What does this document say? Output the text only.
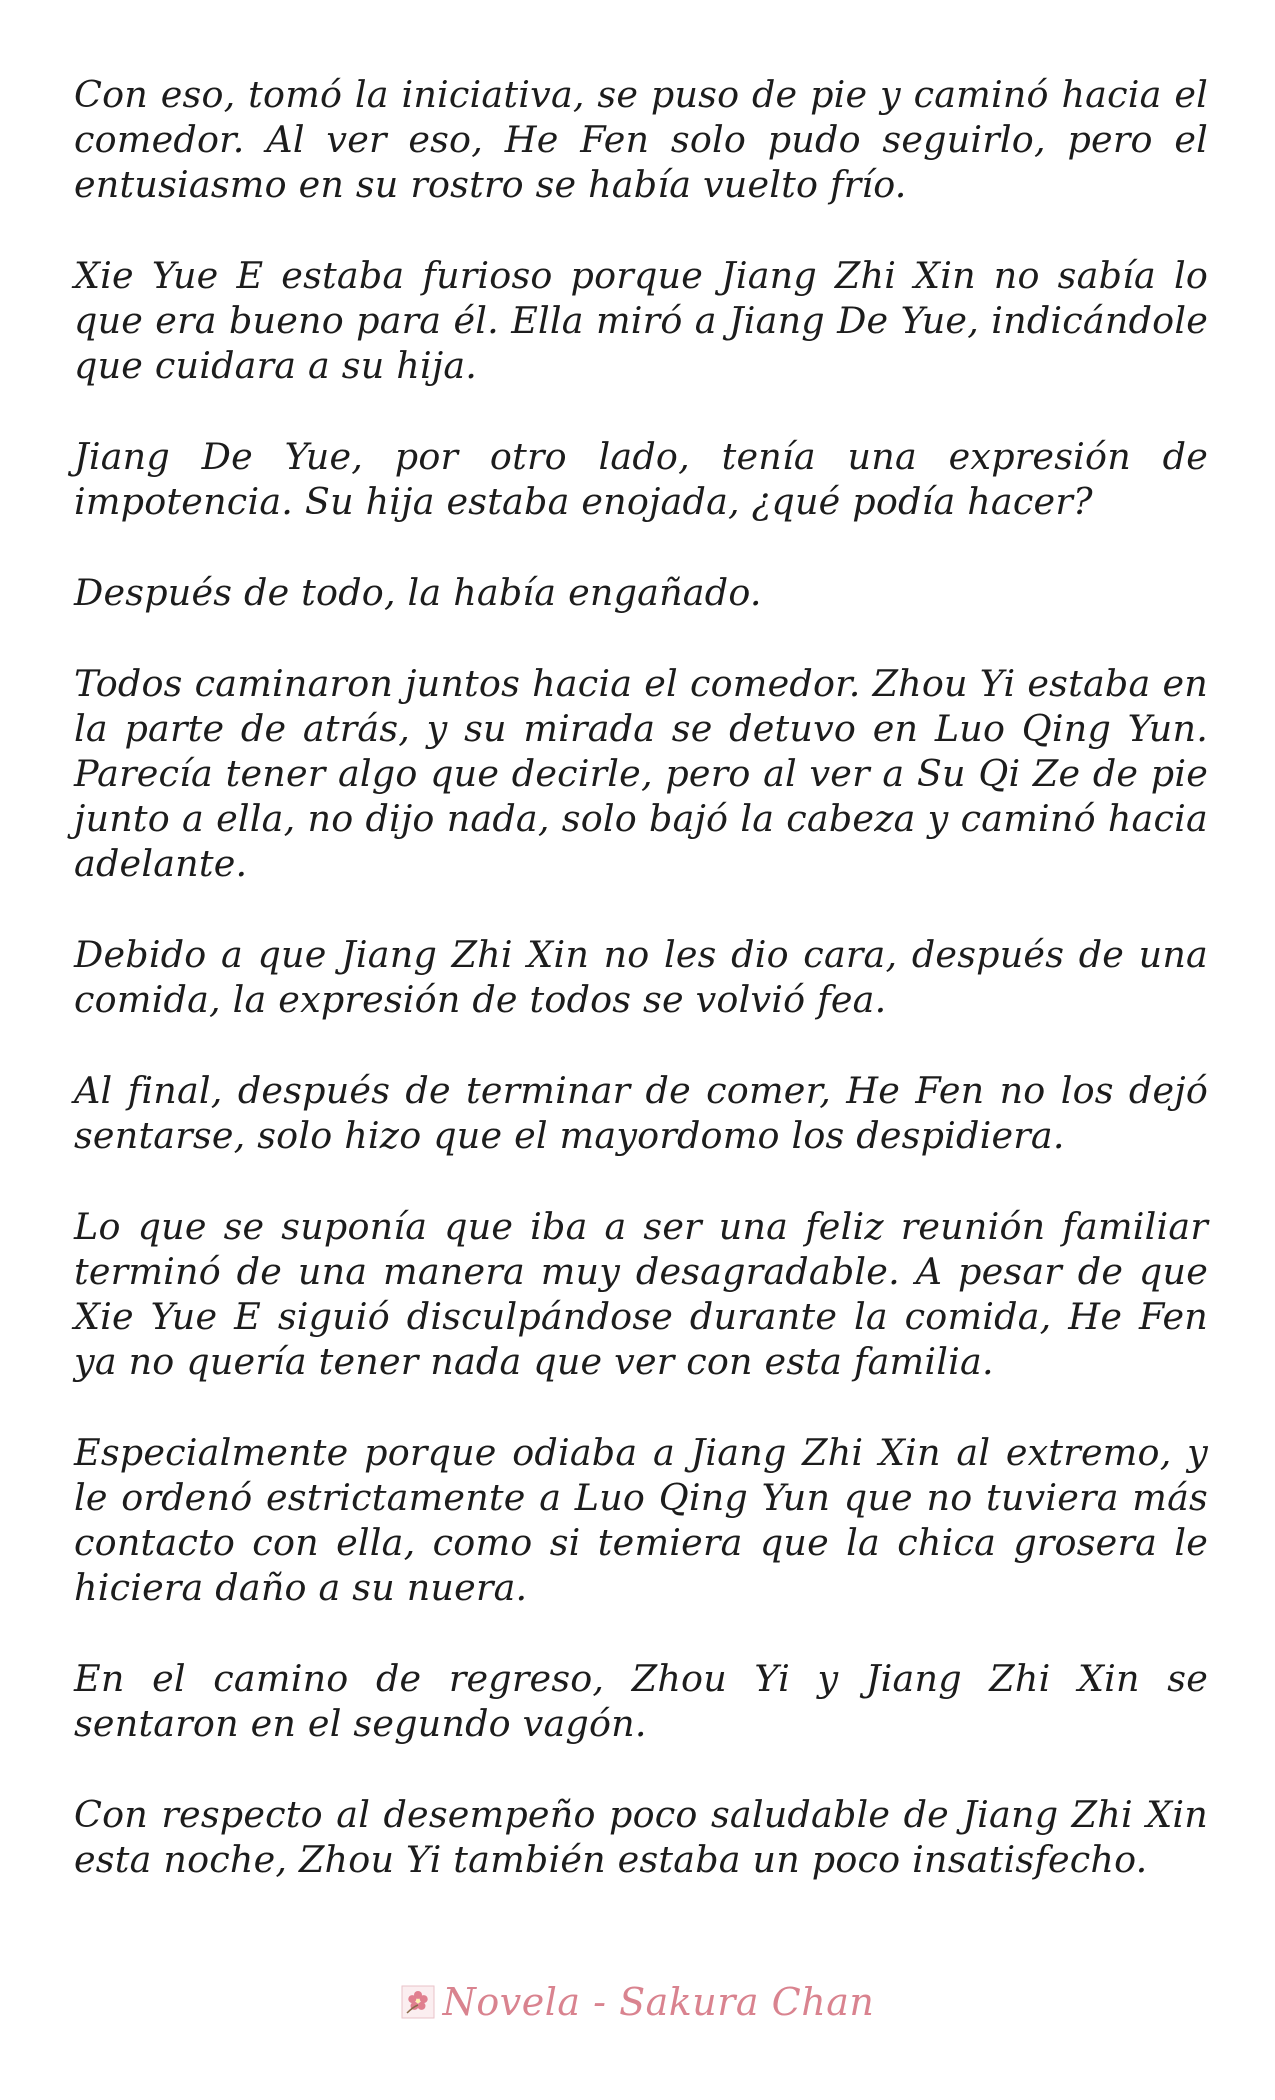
Con eso, tomó la iniciativa, se puso de pie y caminó hacia el comedor. Al ver eso, He Fen solo pudo seguirlo, pero el entusiasmo en su rostro se había vuelto frío.

Xie Yue E estaba furioso porque Jiang Zhi Xin no sabía lo que era bueno para él. Ella miró a Jiang De Yue, indicándole que cuidara a su hija.

Jiang De Yue, por otro lado, tenía una expresión de impotencia. Su hija estaba enojada, ¿qué podía hacer?

Después de todo, la había engañado.

Todos caminaron juntos hacia el comedor. Zhou Yi estaba en la parte de atrás, y su mirada se detuvo en Luo Qing Yun. Parecía tener algo que decirle, pero al ver a Su Qi Ze de pie junto a ella, no dijo nada, solo bajó la cabeza y caminó hacia adelante.

Debido a que Jiang Zhi Xin no les dio cara, después de una comida, la expresión de todos se volvió fea.

Al final, después de terminar de comer, He Fen no los dejó sentarse, solo hizo que el mayordomo los despidiera.

Lo que se suponía que iba a ser una feliz reunión familiar terminó de una manera muy desagradable. A pesar de que Xie Yue E siguió disculpándose durante la comida, He Fen ya no quería tener nada que ver con esta familia.

Especialmente porque odiaba a Jiang Zhi Xin al extremo, y le ordenó estrictamente a Luo Qing Yun que no tuviera más contacto con ella, como si temiera que la chica grosera le hiciera daño a su nuera.

En el camino de regreso, Zhou Yi y Jiang Zhi Xin se sentaron en el segundo vagón.

Con respecto al desempeño poco saludable de Jiang Zhi Xin esta noche, Zhou Yi también estaba un poco insatisfecho.

Novela - Sakura Chan
